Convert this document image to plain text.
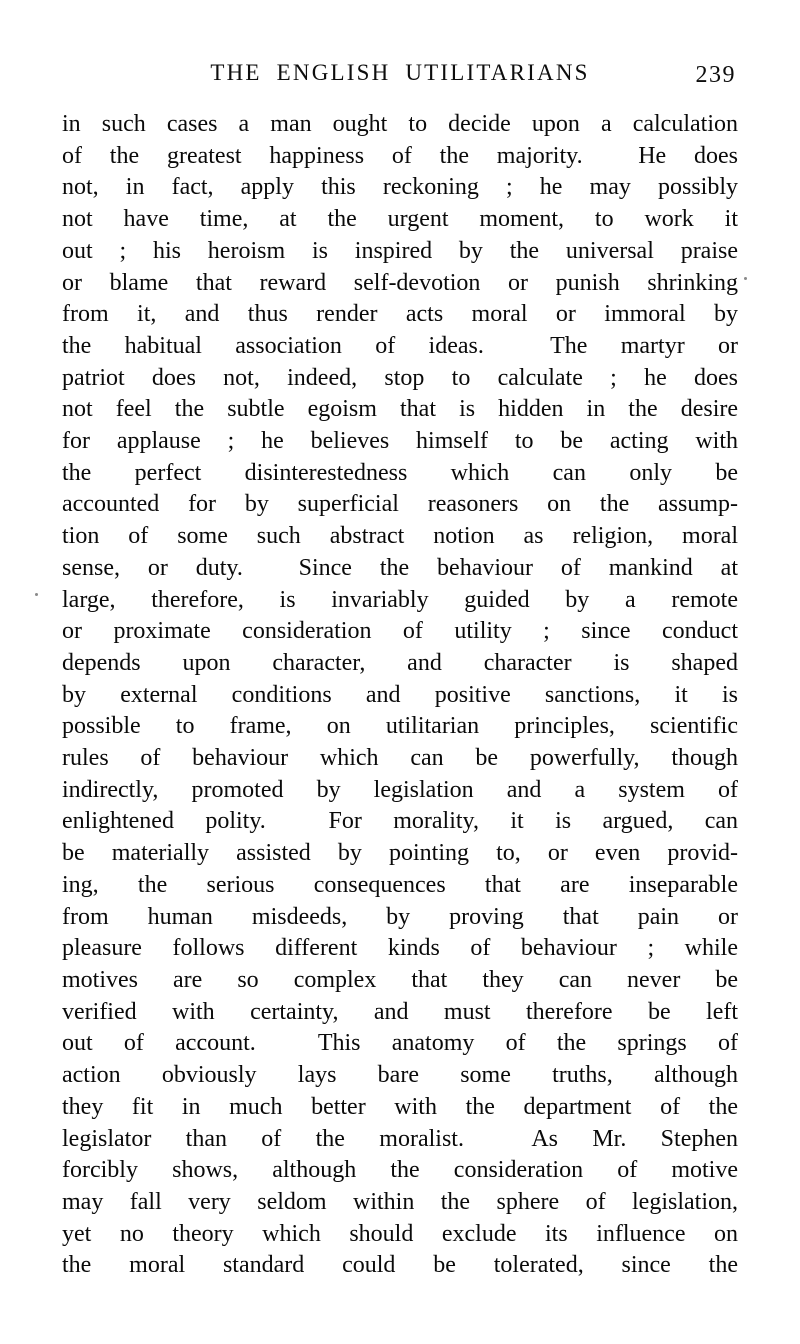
THE ENGLISH UTILITARIANS	239
in such cases a man ought to decide upon a calculation
of the greatest happiness of the majority.  He does
not, in fact, apply this reckoning ; he may possibly
not have time, at the urgent moment, to work it
out ; his heroism is inspired by the universal praise
or blame that reward self-devotion or punish shrinking
from it, and thus render acts moral or immoral by
the habitual association of ideas.  The martyr or
patriot does not, indeed, stop to calculate ; he does
not feel the subtle egoism that is hidden in the desire
for applause ; he believes himself to be acting with
the perfect disinterestedness which can only be
accounted for by superficial reasoners on the assump-
tion of some such abstract notion as religion, moral
sense, or duty.  Since the behaviour of mankind at
large, therefore, is invariably guided by a remote
or proximate consideration of utility ; since conduct
depends upon character, and character is shaped
by external conditions and positive sanctions, it is
possible to frame, on utilitarian principles, scientific
rules of behaviour which can be powerfully, though
indirectly, promoted by legislation and a system of
enlightened polity.  For morality, it is argued, can
be materially assisted by pointing to, or even provid-
ing, the serious consequences that are inseparable
from human misdeeds, by proving that pain or
pleasure follows different kinds of behaviour ; while
motives are so complex that they can never be
verified with certainty, and must therefore be left
out of account.  This anatomy of the springs of
action obviously lays bare some truths, although
they fit in much better with the department of the
legislator than of the moralist.  As Mr. Stephen
forcibly shows, although the consideration of motive
may fall very seldom within the sphere of legislation,
yet no theory which should exclude its influence on
the moral standard could be tolerated, since the
